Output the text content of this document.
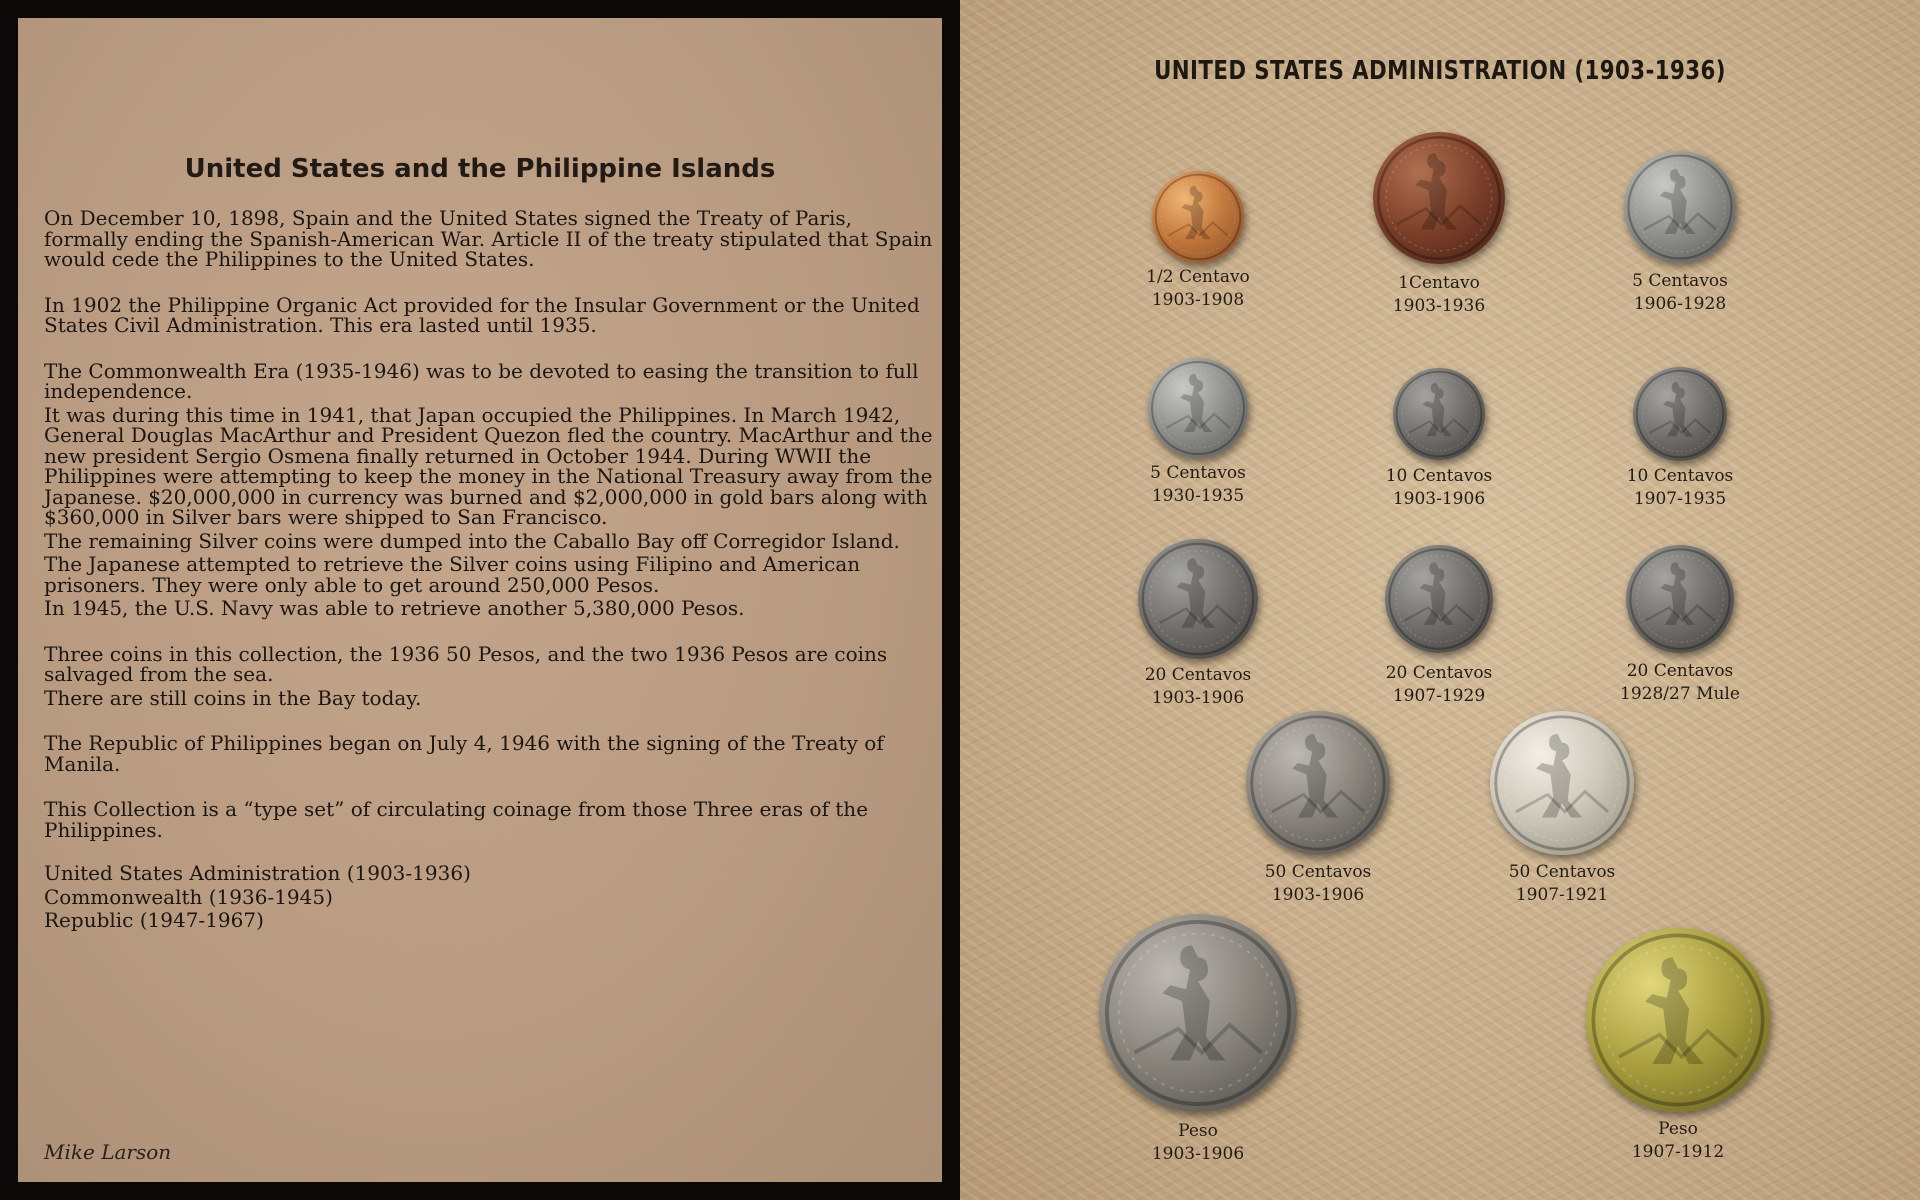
United States and the Philippine Islands

On December 10, 1898, Spain and the United States signed the Treaty of Paris, formally ending the Spanish-American War. Article II of the treaty stipulated that Spain would cede the Philippines to the United States.

In 1902 the Philippine Organic Act provided for the Insular Government or the United States Civil Administration. This era lasted until 1935.

The Commonwealth Era (1935-1946) was to be devoted to easing the transition to full independence.

It was during this time in 1941, that Japan occupied the Philippines. In March 1942, General Douglas MacArthur and President Quezon fled the country. MacArthur and the new president Sergio Osmena finally returned in October 1944. During WWII the Philippines were attempting to keep the money in the National Treasury away from the Japanese. $20,000,000 in currency was burned and $2,000,000 in gold bars along with $360,000 in Silver bars were shipped to San Francisco.

The remaining Silver coins were dumped into the Caballo Bay off Corregidor Island.

The Japanese attempted to retrieve the Silver coins using Filipino and American prisoners. They were only able to get around 250,000 Pesos.

In 1945, the U.S. Navy was able to retrieve another 5,380,000 Pesos.

Three coins in this collection, the 1936 50 Pesos, and the two 1936 Pesos are coins salvaged from the sea.

There are still coins in the Bay today.

The Republic of Philippines began on July 4, 1946 with the signing of the Treaty of Manila.

This Collection is a “type set” of circulating coinage from those Three eras of the Philippines.

United States Administration (1903-1936)

Commonwealth (1936-1945)

Republic (1947-1967)

Mike Larson
UNITED STATES ADMINISTRATION (1903-1936)
1/2 Centavo
1903-1908
1Centavo
1903-1936
5 Centavos
1906-1928
5 Centavos
1930-1935
10 Centavos
1903-1906
10 Centavos
1907-1935
20 Centavos
1903-1906
20 Centavos
1907-1929
20 Centavos
1928/27 Mule
50 Centavos
1903-1906
50 Centavos
1907-1921
Peso
1903-1906
Peso
1907-1912
